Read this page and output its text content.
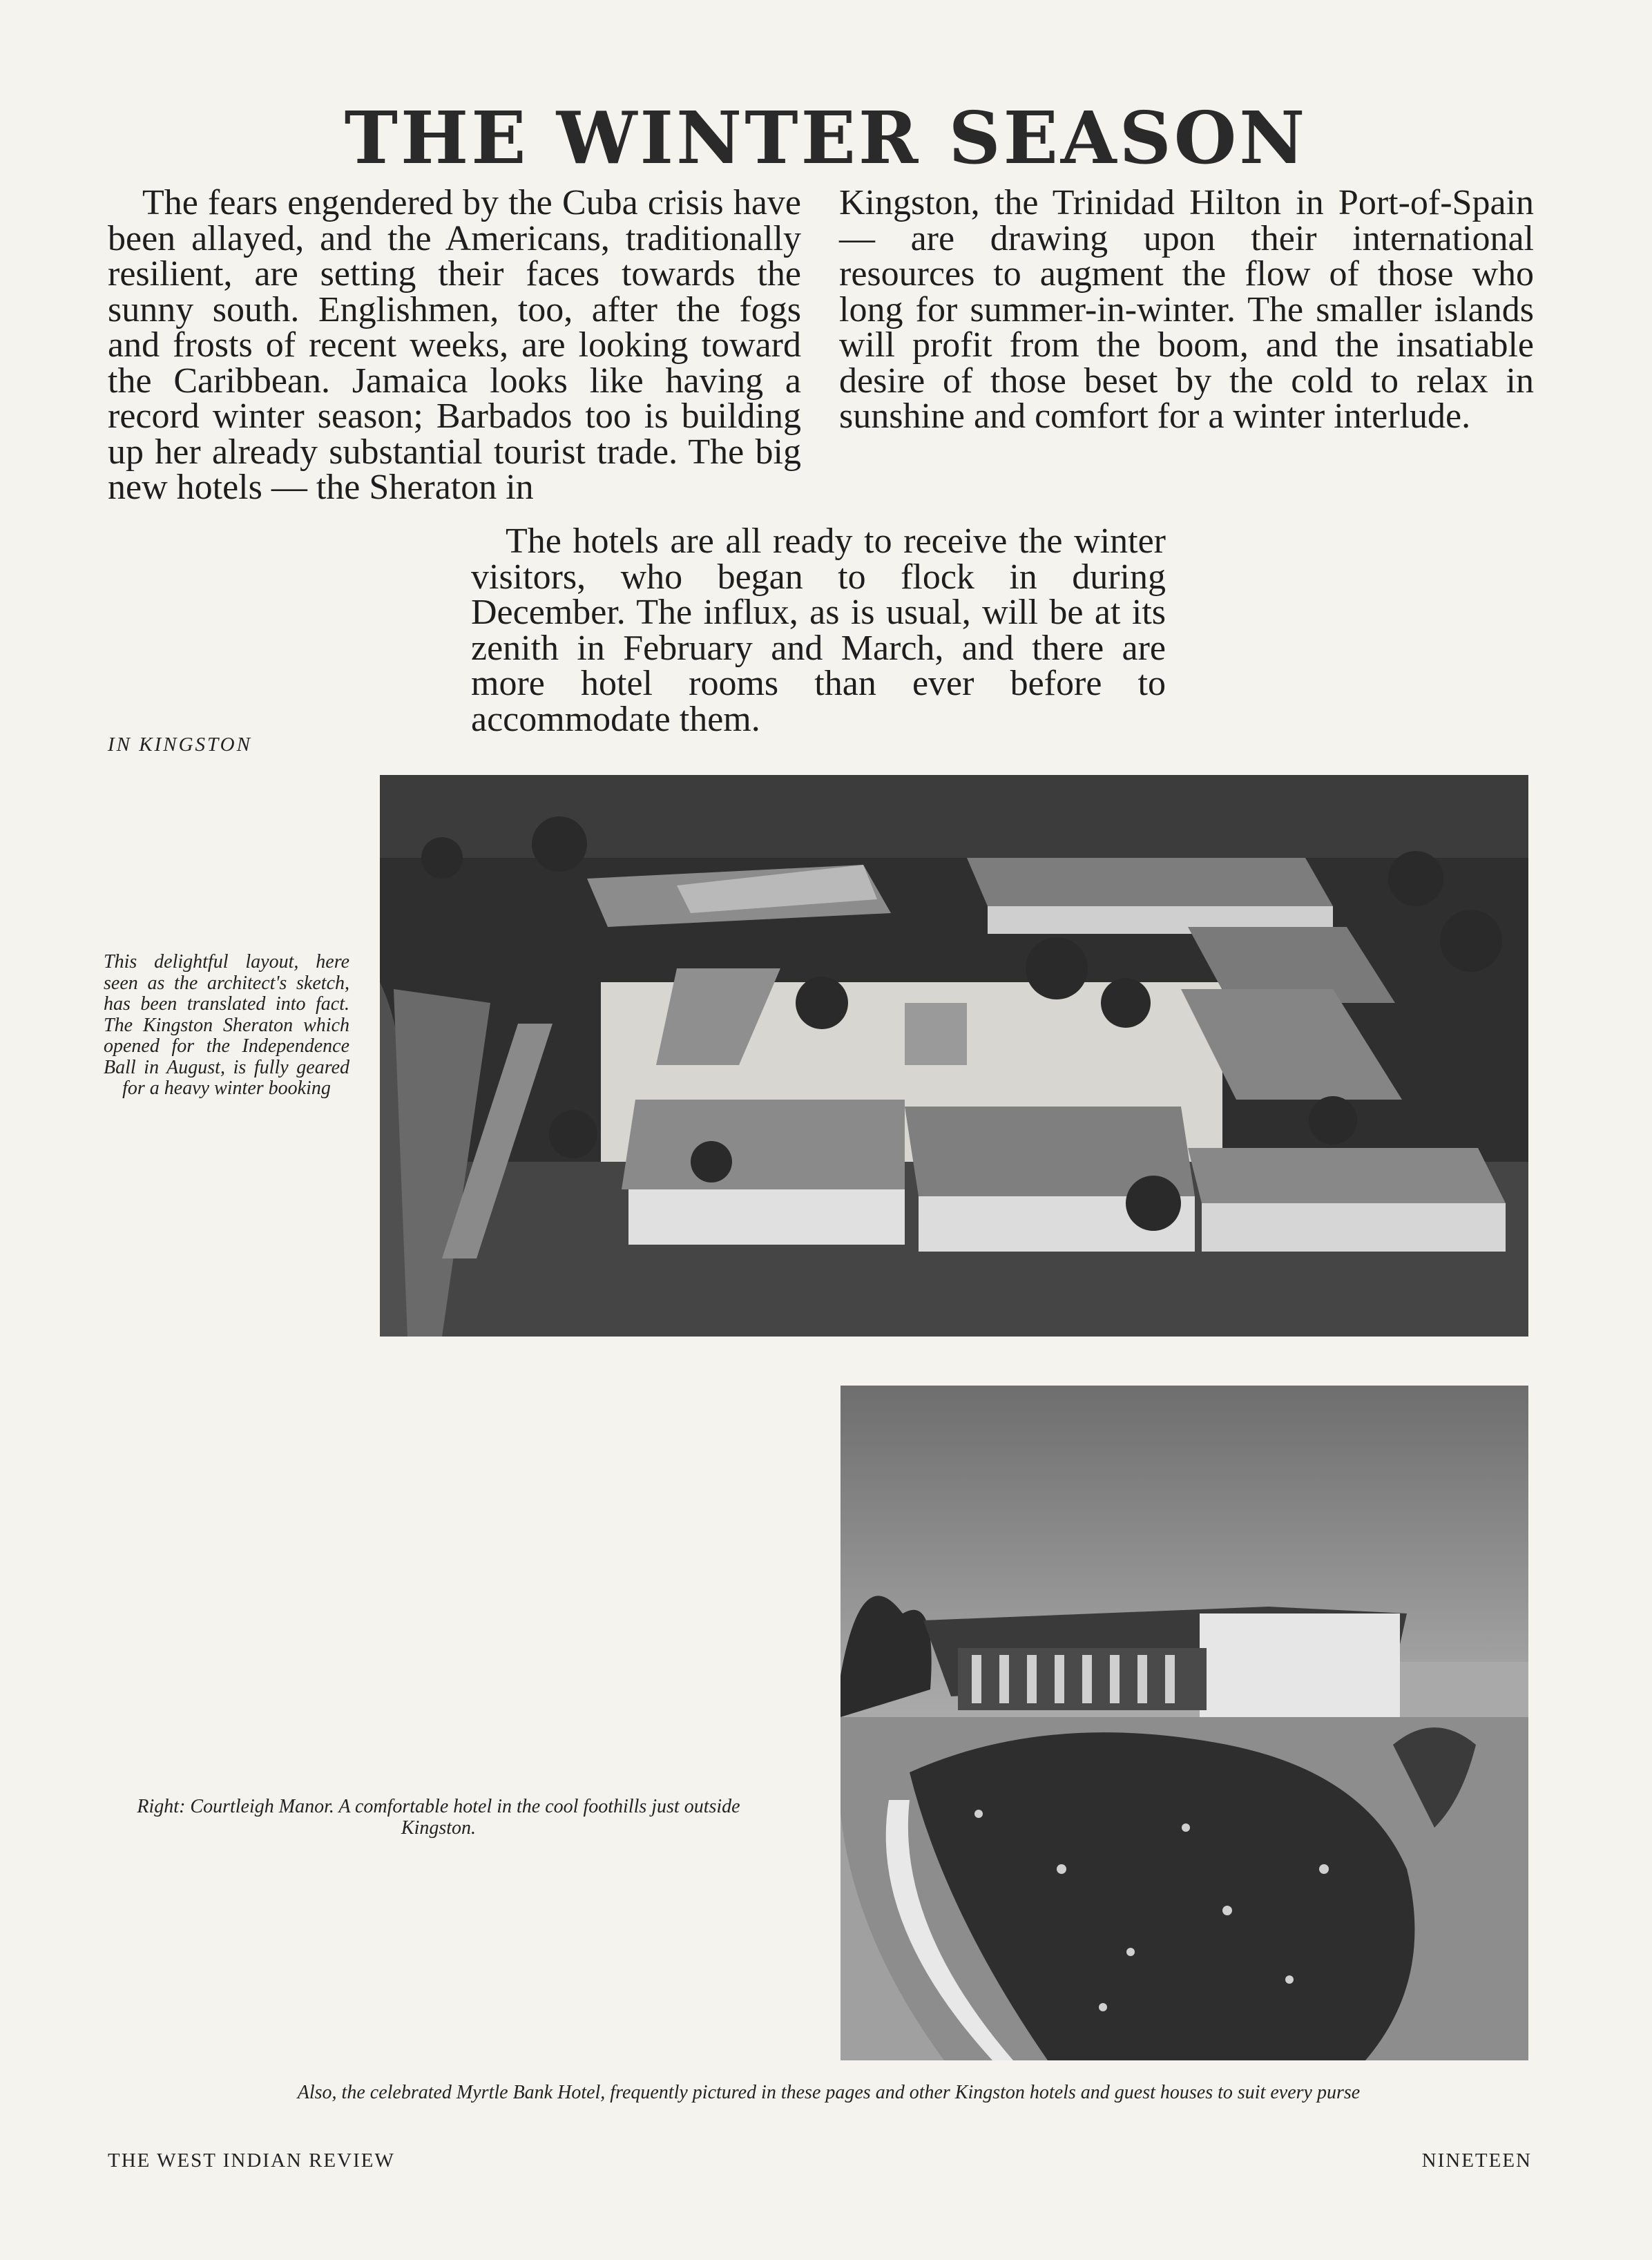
THE WINTER SEASON

The fears engendered by the Cuba crisis have been allayed, and the Americans, traditionally resilient, are setting their faces towards the sunny south. Englishmen, too, after the fogs and frosts of recent weeks, are looking toward the Caribbean. Jamaica looks like having a record winter season; Barbados too is building up her already substantial tourist trade. The big new hotels — the Sheraton in

Kingston, the Trinidad Hilton in Port-of-Spain — are drawing upon their international resources to augment the flow of those who long for summer-in-winter. The smaller islands will profit from the boom, and the insatiable desire of those beset by the cold to relax in sunshine and comfort for a winter interlude.

The hotels are all ready to receive the winter visitors, who began to flock in during December. The influx, as is usual, will be at its zenith in February and March, and there are more hotel rooms than ever before to accommodate them.

IN KINGSTON

This delightful layout, here seen as the architect's sketch, has been translated into fact. The Kingston Sheraton which opened for the Independence Ball in August, is fully geared for a heavy winter booking

Right: Courtleigh Manor. A comfortable hotel in the cool foothills just outside Kingston.

Also, the celebrated Myrtle Bank Hotel, frequently pictured in these pages and other Kingston hotels and guest houses to suit every purse

THE WEST INDIAN REVIEW	NINETEEN
